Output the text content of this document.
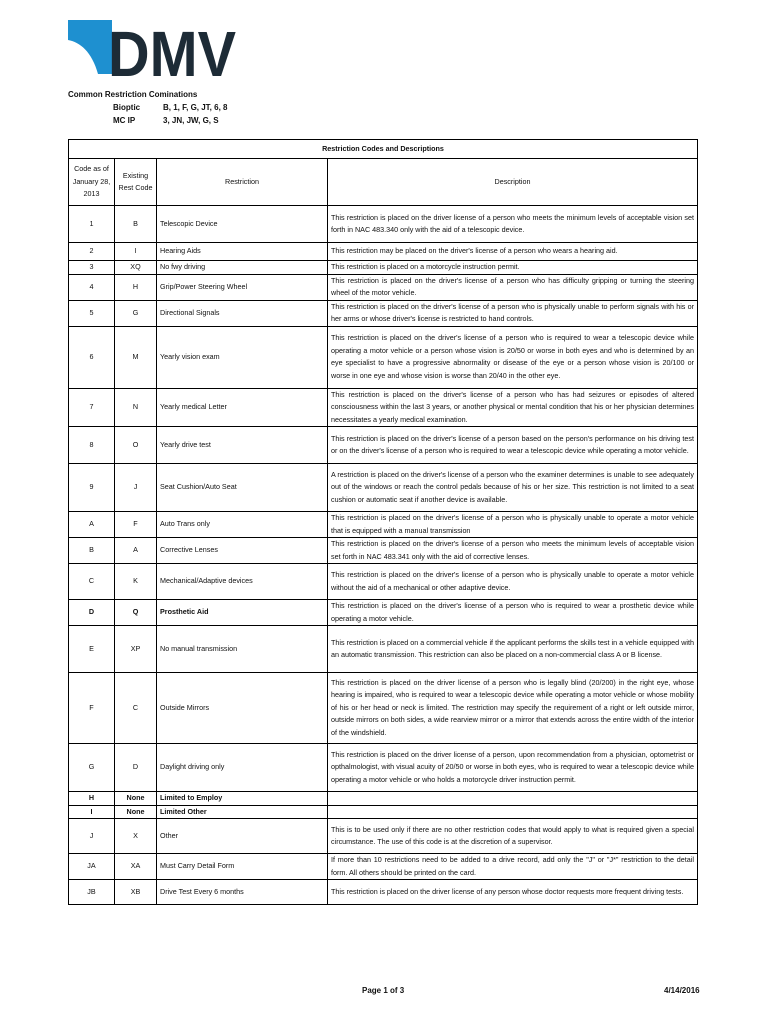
DMV
Common Restriction Cominations
Bioptic	B, 1, F, G, JT, 6, 8
MC IP	3, JN, JW, G, S
Restriction Codes and Descriptions			
Code as of January 28, 2013	Existing Rest Code	Restriction	Description
1	B	Telescopic Device	This restriction is placed on the driver license of a person who meets the minimum levels of acceptable vision set forth in NAC 483.340 only with the aid of a telescopic device.
2	I	Hearing Aids	This restriction may be placed on the driver's license of a person who wears a hearing aid.
3	XQ	No fwy driving	This restriction is placed on a motorcycle instruction permit.
4	H	Grip/Power Steering Wheel	This restriction is placed on the driver's license of a person who has difficulty gripping or turning the steering wheel of the motor vehicle.
5	G	Directional Signals	This restriction is placed on the driver's license of a person who is physically unable to perform signals with his or her arms or whose driver's license is restricted to hand controls.
6	M	Yearly vision exam	This restriction is placed on the driver's license of a person who is required to wear a telescopic device while operating a motor vehicle or a person whose vision is 20/50 or worse in both eyes and who is determined by an eye specialist to have a progressive abnormality or disease of the eye or a person whose vision is 20/100 or worse in one eye and whose vision is worse than 20/40 in the other eye.
7	N	Yearly medical Letter	This restriction is placed on the driver's license of a person who has had seizures or episodes of altered consciousness within the last 3 years, or another physical or mental condition that his or her physician determines necessitates a yearly medical examination.
8	O	Yearly drive test	This restriction is placed on the driver's license of a person based on the person's performance on his driving test or on the driver's license of a person who is required to wear a telescopic device while operating a motor vehicle.
9	J	Seat Cushion/Auto Seat	A restriction is placed on the driver's license of a person who the examiner determines is unable to see adequately out of the windows or reach the control pedals because of his or her size. This restriction is not limited to a seat cushion or automatic seat if another device is available.
A	F	Auto Trans only	This restriction is placed on the driver's license of a person who is physically unable to operate a motor vehicle that is equipped with a manual transmission
B	A	Corrective Lenses	This restriction is placed on the driver's license of a person who meets the minimum levels of acceptable vision set forth in NAC 483.341 only with the aid of corrective lenses.
C	K	Mechanical/Adaptive devices	This restriction is placed on the driver's license of a person who is physically unable to operate a motor vehicle without the aid of a mechanical or other adaptive device.
D	Q	Prosthetic Aid	This restriction is placed on the driver's license of a person who is required to wear a prosthetic device while operating a motor vehicle.
E	XP	No manual transmission	This restriction is placed on a commercial vehicle if the applicant performs the skills test in a vehicle equipped with an automatic transmission. This restriction can also be placed on a non-commercial class A or B license.
F	C	Outside Mirrors	This restriction is placed on the driver license of a person who is legally blind (20/200) in the right eye, whose hearing is impaired, who is required to wear a telescopic device while operating a motor vehicle or whose mobility of his or her head or neck is limited. The restriction may specify the requirement of a right or left outside mirror, outside mirrors on both sides, a wide rearview mirror or a mirror that extends across the entire width of the interior of the windshield.
G	D	Daylight driving only	This restriction is placed on the driver license of a person, upon recommendation from a physician, optometrist or opthalmologist, with visual acuity of 20/50 or worse in both eyes, who is required to wear a telescopic device while operating a motor vehicle or who holds a motorcycle driver instruction permit.
H	None	Limited to Employ	
I	None	Limited Other	
J	X	Other	This is to be used only if there are no other restriction codes that would apply to what is required given a special circumstance. The use of this code is at the discretion of a supervisor.
JA	XA	Must Carry Detail Form	If more than 10 restrictions need to be added to a drive record, add only the "J" or "J*" restriction to the detail form. All others should be printed on the card.
JB	XB	Drive Test Every 6 months	This restriction is placed on the driver license of any person whose doctor requests more frequent driving tests.
Page 1 of 3	4/14/2016
